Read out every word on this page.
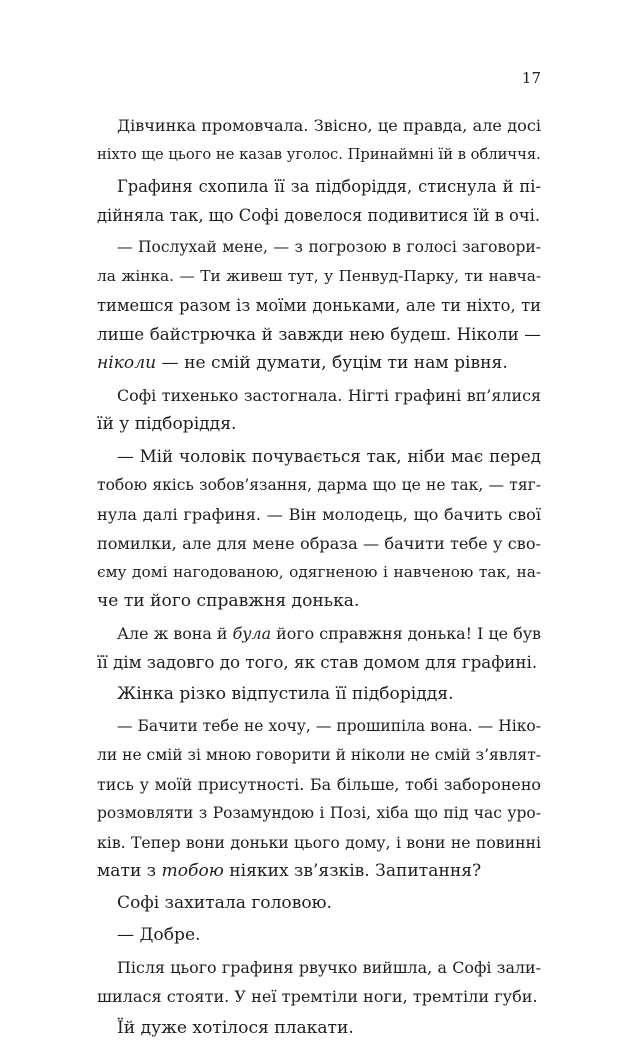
17
Дівчинка промовчала. Звісно, це правда, але досі
ніхто ще цього не казав уголос. Принаймні їй в обличчя.
Графиня схопила її за підборіддя, стиснула й пі-
дійняла так, що Софі довелося подивитися їй в очі.
— Послухай мене, — з погрозою в голосі заговори-
ла жінка. — Ти живеш тут, у Пенвуд-Парку, ти навча-
тимешся разом із моїми доньками, але ти ніхто, ти
лише байстрючка й завжди нею будеш. Ніколи —
ніколи — не смій думати, буцім ти нам рівня.
Софі тихенько застогнала. Нігті графині вп’ялися
їй у підборіддя.
— Мій чоловік почувається так, ніби має перед
тобою якісь зобов’язання, дарма що це не так, — тяг-
нула далі графиня. — Він молодець, що бачить свої
помилки, але для мене образа — бачити тебе у сво-
єму домі нагодованою, одягненою і навченою так, на-
че ти його справжня донька.
Але ж вона й була його справжня донька! І це був
її дім задовго до того, як став домом для графині.
Жінка різко відпустила її підборіддя.
— Бачити тебе не хочу, — прошипіла вона. — Ніко-
ли не смій зі мною говорити й ніколи не смій з’являт-
тись у моїй присутності. Ба більше, тобі заборонено
розмовляти з Розамундою і Позі, хіба що під час уро-
ків. Тепер вони доньки цього дому, і вони не повинні
мати з тобою ніяких зв’язків. Запитання?
Софі захитала головою.
— Добре.
Після цього графиня рвучко вийшла, а Софі зали-
шилася стояти. У неї тремтіли ноги, тремтіли губи.
Їй дуже хотілося плакати.
